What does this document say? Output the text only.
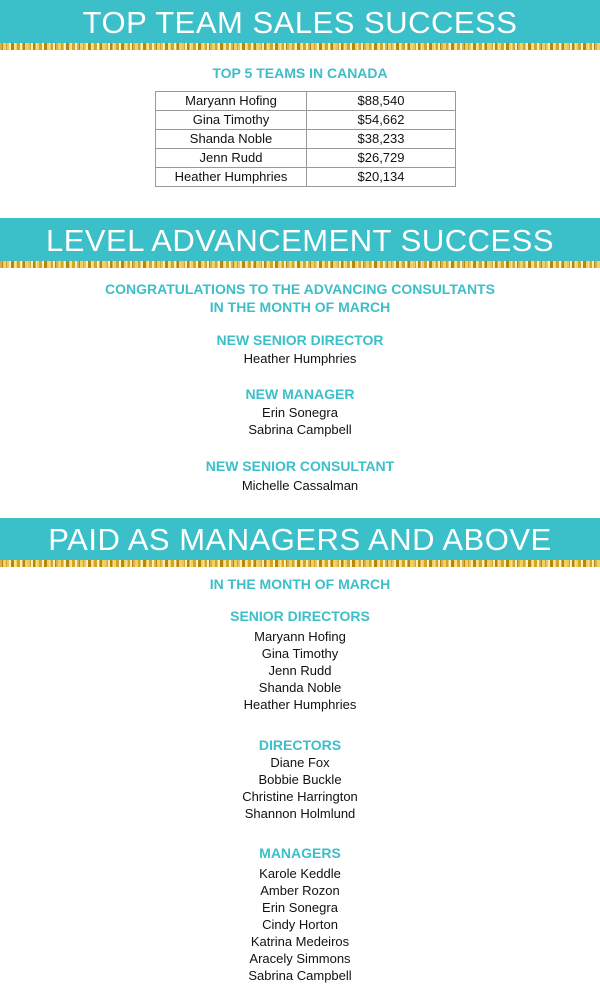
TOP TEAM SALES SUCCESS
TOP 5 TEAMS IN CANADA
Maryann Hofing	$88,540
Gina Timothy	$54,662
Shanda Noble	$38,233
Jenn Rudd	$26,729
Heather Humphries	$20,134
LEVEL ADVANCEMENT SUCCESS
CONGRATULATIONS TO THE ADVANCING CONSULTANTS
IN THE MONTH OF MARCH
NEW SENIOR DIRECTOR
Heather Humphries
NEW MANAGER
Erin Sonegra
Sabrina Campbell
NEW SENIOR CONSULTANT
Michelle Cassalman
PAID AS MANAGERS AND ABOVE
IN THE MONTH OF MARCH
SENIOR DIRECTORS
Maryann Hofing
Gina Timothy
Jenn Rudd
Shanda Noble
Heather Humphries
DIRECTORS
Diane Fox
Bobbie Buckle
Christine Harrington
Shannon Holmlund
MANAGERS
Karole Keddle
Amber Rozon
Erin Sonegra
Cindy Horton
Katrina Medeiros
Aracely Simmons
Sabrina Campbell
